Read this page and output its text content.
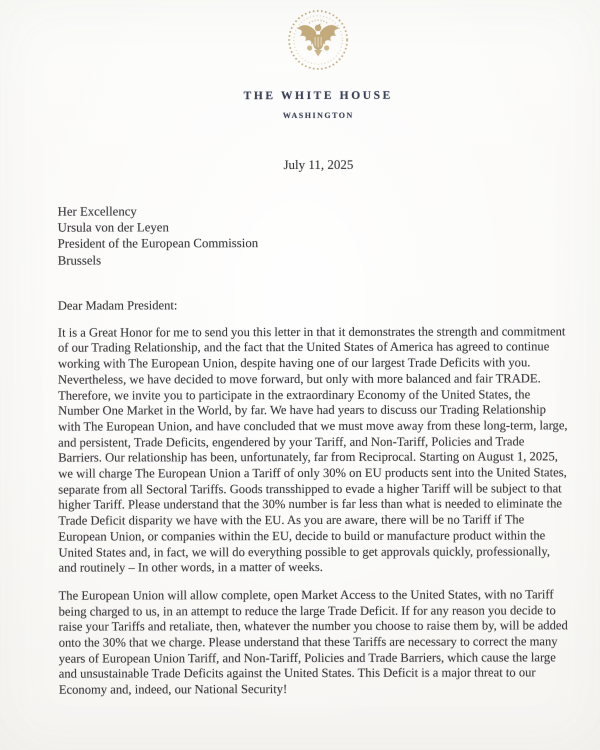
THE WHITE HOUSE
WASHINGTON
July 11, 2025
Her Excellency
Ursula von der Leyen
President of the European Commission
Brussels
Dear Madam President:

It is a Great Honor for me to send you this letter in that it demonstrates the strength and commitment of our Trading Relationship, and the fact that the United States of America has agreed to continue working with The European Union, despite having one of our largest Trade Deficits with you. Nevertheless, we have decided to move forward, but only with more balanced and fair TRADE. Therefore, we invite you to participate in the extraordinary Economy of the United States, the Number One Market in the World, by far. We have had years to discuss our Trading Relationship with The European Union, and have concluded that we must move away from these long-term, large, and persistent, Trade Deficits, engendered by your Tariff, and Non-Tariff, Policies and Trade Barriers. Our relationship has been, unfortunately, far from Reciprocal. Starting on August 1, 2025, we will charge The European Union a Tariff of only 30% on EU products sent into the United States, separate from all Sectoral Tariffs. Goods transshipped to evade a higher Tariff will be subject to that higher Tariff. Please understand that the 30% number is far less than what is needed to eliminate the Trade Deficit disparity we have with the EU. As you are aware, there will be no Tariff if The European Union, or companies within the EU, decide to build or manufacture product within the United States and, in fact, we will do everything possible to get approvals quickly, professionally, and routinely – In other words, in a matter of weeks.

The European Union will allow complete, open Market Access to the United States, with no Tariff being charged to us, in an attempt to reduce the large Trade Deficit. If for any reason you decide to raise your Tariffs and retaliate, then, whatever the number you choose to raise them by, will be added onto the 30% that we charge. Please understand that these Tariffs are necessary to correct the many years of European Union Tariff, and Non-Tariff, Policies and Trade Barriers, which cause the large and unsustainable Trade Deficits against the United States. This Deficit is a major threat to our Economy and, indeed, our National Security!
